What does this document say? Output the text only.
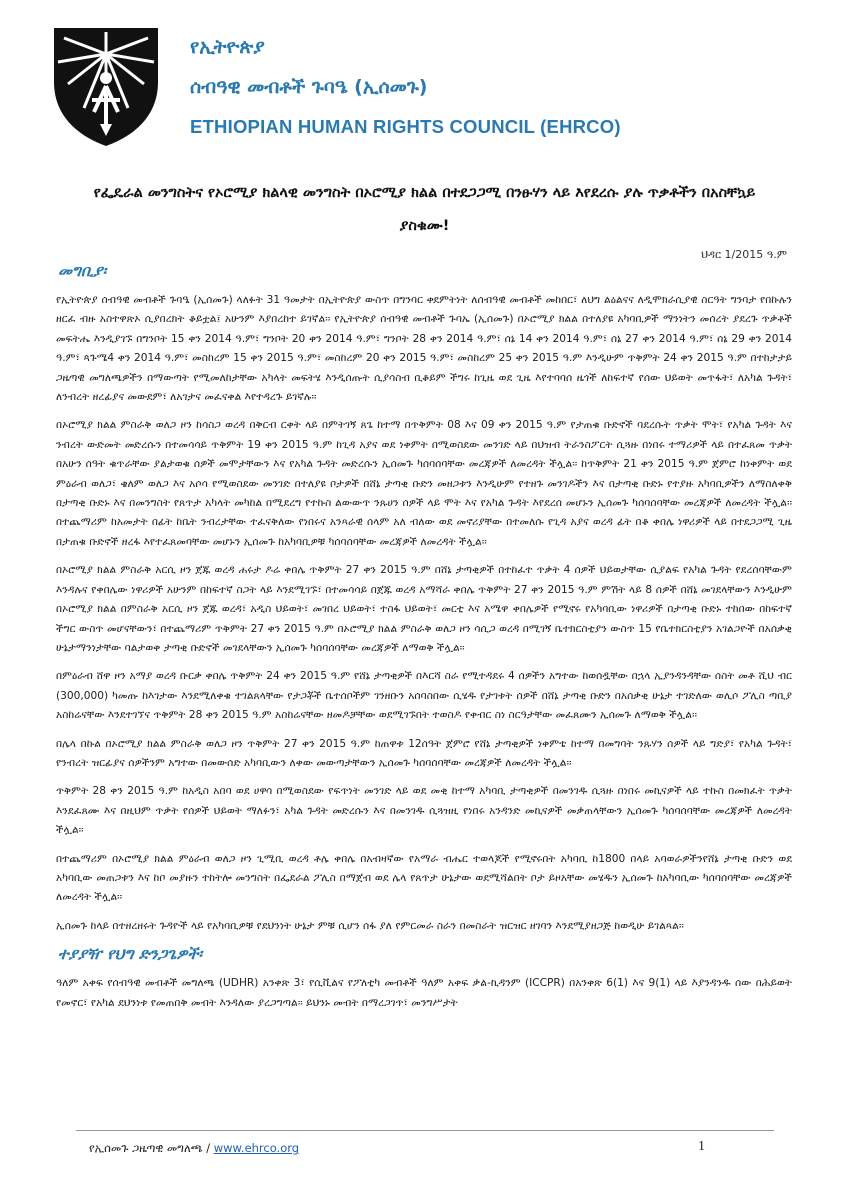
የኢትዮጵያ
ሰብዓዊ መብቶች ጉባዔ (ኢሰመጉ)
ETHIOPIAN HUMAN RIGHTS COUNCIL (EHRCO)
የፌዴራል መንግስትና የኦሮሚያ ክልላዊ መንግስት በኦሮሚያ ክልል በተደጋጋሚ በንፁሃን ላይ እየደረሱ ያሉ ጥቃቶችን በአስቸኳይ ያስቁሙ!
ህዳር 1/2015 ዓ.ም
መግቢያ፡

የኢትዮጵያ ሰብዓዊ መብቶች ጉባዔ (ኢሰመጉ) ላለፉት 31 ዓመታት በኢትዮጵያ ውስጥ በግንባር ቀደምትነት ለሰብዓዊ መብቶች መከበር፣ ለህግ ልዕልናና ለዲሞክራሲያዊ ስርዓት ግንባታ የበኩሉን ዘርፈ ብዙ አስተዋጽኦ ሲያበረክት ቆይቷል፤ አሁንም እያበረከተ ይገኛል፡፡ የኢትዮጵያ ሰብዓዊ መብቶች ጉባኤ (ኢሰመጉ) በኦሮሚያ ክልል በተለያዩ አካባቢዎች ማንነትን መሰረት ያደረጉ ጥቃቶች መፍትሔ እንዲያገኙ በግንቦት 15 ቀን 2014 ዓ.ም፣ ግንቦት 20 ቀን 2014 ዓ.ም፣ ግንቦት 28 ቀን 2014 ዓ.ም፣ ሰኔ 14 ቀን 2014 ዓ.ም፣ ሰኔ 27 ቀን 2014 ዓ.ም፣ ሰኔ 29 ቀን 2014 ዓ.ም፣ ጳጉሜ4 ቀን 2014 ዓ.ም፣ መስከረም 15 ቀን 2015 ዓ.ም፣ መስከረም 20 ቀን 2015 ዓ.ም፣ መስከረም 25 ቀን 2015 ዓ.ም እንዲሁም ጥቅምት 24 ቀን 2015 ዓ.ም በተከታታይ ጋዜጣዊ መግለጫዎችን በማውጣት የሚመለከታቸው አካላት መፍትሄ እንዲሰጡት ሲያሳስብ ቢቆይም ችግሩ ከጊዜ ወደ ጊዜ እየተባባሰ ዜጎች ለከፍተኛ የሰው ህይወት መጥፋት፣ ለአካል ጉዳት፣ ለንብረት ዘረፊያና መውደም፣ ለአገታና መፈናቀል እየተዳረጉ ይገኛሉ፡፡

በኦሮሚያ ክልል ምስራቅ ወለጋ ዞን ከሳስጋ ወረዳ በቅርብ ርቀት ላይ በምትገኝ ጸጌ ከተማ በጥቅምት 08 እና 09 ቀን 2015 ዓ.ም የታጠቁ ቡድኖች ባደረሱት ጥቃት ሞት፣ የአካል ጉዳት እና ንብረት ውድመት መድረሱን በተመሳሳይ ጥቅምት 19 ቀን 2015 ዓ.ም ከጊዳ አያና ወደ ነቀምት በሚወስደው መንገድ ላይ በህዝብ ትራንስፖርት ሲጓዙ በነበሩ ተማሪዎች ላይ በተፈጸመ ጥቃት በአሁን ሰዓት ቁጥራቸው ያልታወቁ ሰዎች መሞታቸውን እና የአካል ጉዳት መድረሱን ኢሰመጉ ካሰባሰባቸው መረጃዎች ለመረዳት ችሏል፡፡ ከጥቅምት 21 ቀን 2015 ዓ.ም ጀምሮ ከነቀምት ወደ ምዕራብ ወለጋ፣ ቄለም ወለጋ እና አሶሳ የሚወስደው መንገድ በተለያዩ ቦታዎች በሸኔ ታጣቂ ቡድን መዘጋቱን እንዲሁም የተዘጉ መንገዶችን እና በታጣቂ ቡድኑ የተያዙ አካባቢዎችን ለማስለቀቅ በታጣቂ ቡድኑ እና በመንግስት የጸጥታ አካላት መካከል በሚደረግ የተኩስ ልውውጥ ንጹሀን ሰዎች ላይ ሞት እና የአካል ጉዳት እየደረሰ መሆኑን ኢሰመጉ ካሰባሰባቸው መረጃዎች ለመረዳት ችሏል፡፡ በተጨማሪም ከአመታት በፊት ከቤት ንብረታቸው ተፈናቅለው የነበሩና አንጻራዊ ሰላም አለ ብለው ወደ መኖሪያቸው በተመለሱ የጊዳ አያና ወረዳ ፊት በቆ ቀበሌ ነዋሪዎች ላይ በተደጋጋሚ ጊዜ በታጠቁ ቡድኖች ዘረፋ እየተፈጸመባቸው መሆኑን ኢሰመጉ ከአካባቢዎቹ ካሰባሰባቸው መረጃዎች ለመረዳት ችሏል፡፡

በኦሮሚያ ክልል ምስራቅ አርሲ ዞን ጀጁ ወረዳ ሐሩታ ዶሬ ቀበሌ ጥቅምት 27 ቀን 2015 ዓ.ም በሸኔ ታጣቂዎች በተከፈተ ጥቃት 4 ሰዎች ህይወታቸው ሲያልፍ የአካል ጉዳት የደረሰባቸውም እንዳሉና የቀበሌው ነዋሪዎች አሁንም በከፍተኛ ስጋት ላይ እንደሚገኙ፣ በተመሳሳይ በጀጁ ወረዳ አማሻራ ቀበሌ ጥቅምት 27 ቀን 2015 ዓ.ም ምሽት ላይ 8 ሰዎች በሸኔ መገደላቸውን እንዲሁም በኦሮሚያ ክልል በምስራቅ አርሲ ዞን ጀጁ ወረዳ፣ አዲስ ህይወት፣ መገበረ ህይወት፣ ተስፋ ህይወት፣ መርቲ እና አሜዋ ቀበሌዎች የሚኖሩ የአካባቢው ነዋሪዎች በታጣቂ ቡድኑ ተከበው በከፍተኛ ችግር ውስጥ መሆናቸውን፣ በተጨማሪም ጥቅምት 27 ቀን 2015 ዓ.ም በኦሮሚያ ክልል ምስራቅ ወለጋ ዞን ሳሲጋ ወረዳ በሚገኝ ቤተክርስቲያን ውስጥ 15 የቤተክርስቲያን አገልጋዮች በአሰቃቂ ሁኔታማንነታቸው ባልታወቀ ታጣቂ ቡድኖች መገደላቸውን ኢሰመጉ ካሰባሰባቸው መረጃዎች ለማወቅ ችሏል፡፡

በምዕራብ ሸዋ ዞን አማያ ወረዳ ቡርቃ ቀበሌ ጥቅምት 24 ቀን 2015 ዓ.ም የሸኔ ታጣቂዎች በእርሻ ስራ የሚተዳደሩ 4 ሰዎችን አግተው ከወሰዷቸው በኋላ ኢያንዳንዳቸው ሰስት መቶ ሺህ ብር (300,000) ካመጡ ከእገታው እንደሚለቀቁ ተገልጸላቸው የታጋቾች ቤተሰቦችም ገንዘቡን አሰባስበው ሲሄዱ የታገቱት ሰዎች በሸኔ ታጣቂ ቡድን በአሰቃቂ ሁኔታ ተገድለው ወሊሶ ፖሊስ ጣቢያ አስከሬናቸው እንደተገኘና ጥቅምት 28 ቀን 2015 ዓ.ም አስከሬናቸው ዘመዶቻቸው ወደሚገኙበት ተወስዶ የቀብር ስነ ስርዓታቸው መፈጸሙን ኢሰመጉ ለማወቅ ችሏል፡፡

በሌላ በኩል በኦሮሚያ ክልል ምስራቅ ወለጋ ዞን ጥቅምት 27 ቀን 2015 ዓ.ም ከጠዋቱ 12ሰዓት ጀምሮ የሸኔ ታጣቂዎች ነቀምቴ ከተማ በመግባት ንጹሃን ሰዎች ላይ ግድያ፣ የአካል ጉዳት፣ የንብረት ዝርፊያና ሰዎችንም አግተው በመውሰድ አካባቢውን ለቀው መውጣታቸውን ኢሰመጉ ካሰባሰባቸው መረጃዎች ለመረዳት ችሏል፡፡

ጥቅምት 28 ቀን 2015 ዓ.ም ከአዲስ አበባ ወደ ሀዋሳ በሚወስደው የፍጥነት መንገድ ላይ ወደ መቂ ከተማ አካባቢ ታጣቂዎች በመንገዱ ሲጓዙ በነበሩ መኪናዎች ላይ ተኩስ በመክፈት ጥቃት እንደፈጸሙ እና በዚህም ጥቃት የሰዎች ህይወት ማለፉን፣ አካል ጉዳት መድረሱን እና በመንገዱ ሲጓዝዚ የነበሩ አንዳንድ መኪናዎች መቃጠላቸውን ኢሰመጉ ካሰባሰባቸው መረጃዎች ለመረዳት ችሏል፡፡

በተጨማሪም በኦሮሚያ ክልል ምዕራብ ወለጋ ዞን ጊሚቢ ወረዳ ቶሌ ቀበሌ በአብዛኛው የአማራ ብሔር ተወላጆች የሚኖሩበት አካባቢ ከ1800 በላይ አባወራዎችንየሸኔ ታጣቂ ቡድን ወደ አካባቢው መጠጋቱን እና ከቦ መያዙን ተከትሎ መንግስት በፌደራል ፖሊስ በማጀብ ወደ ሌላ የጸጥታ ሁኔታው ወደሚሻልበት ቦታ ይዞአቸው መሄዱን ኢሰመጉ ከአካባቢው ካሰባሰባቸው መረጃዎች ለመረዳት ችሏል፡፡

ኢሰመጉ ከላይ በተዘረዘሩት ጉዳዮች ላይ የአካባቢዎቹ የደህንነት ሁኔታ ምቹ ሲሆን ሰፋ ያለ የምርመራ ስራን በመስራት ዝርዝር ዘገባን እንደሚያዘጋጅ ከወዲሁ ይገልጻል፡፡

ተያያዥ የህግ ድንጋጌዎች፡

ዓለም አቀፍ የሰብዓዊ መብቶች መግለጫ (UDHR) አንቀጽ 3፣ የሲቪልና የፖለቲካ መብቶች ዓለም አቀፍ ቃል-ኪዳንም (ICCPR) በአንቀጽ 6(1) እና 9(1) ላይ እያንዳንዱ ሰው በሕይወት የመኖር፣ የአካል ደህንነቱ የመጠበቅ መብት እንዳለው ያረጋግጣል፡፡ ይህንኑ መብት በማረጋገጥ፣ መንግሥታት

የኢሰመጉ ጋዜጣዊ መግለጫ / www.ehrco.org	1
